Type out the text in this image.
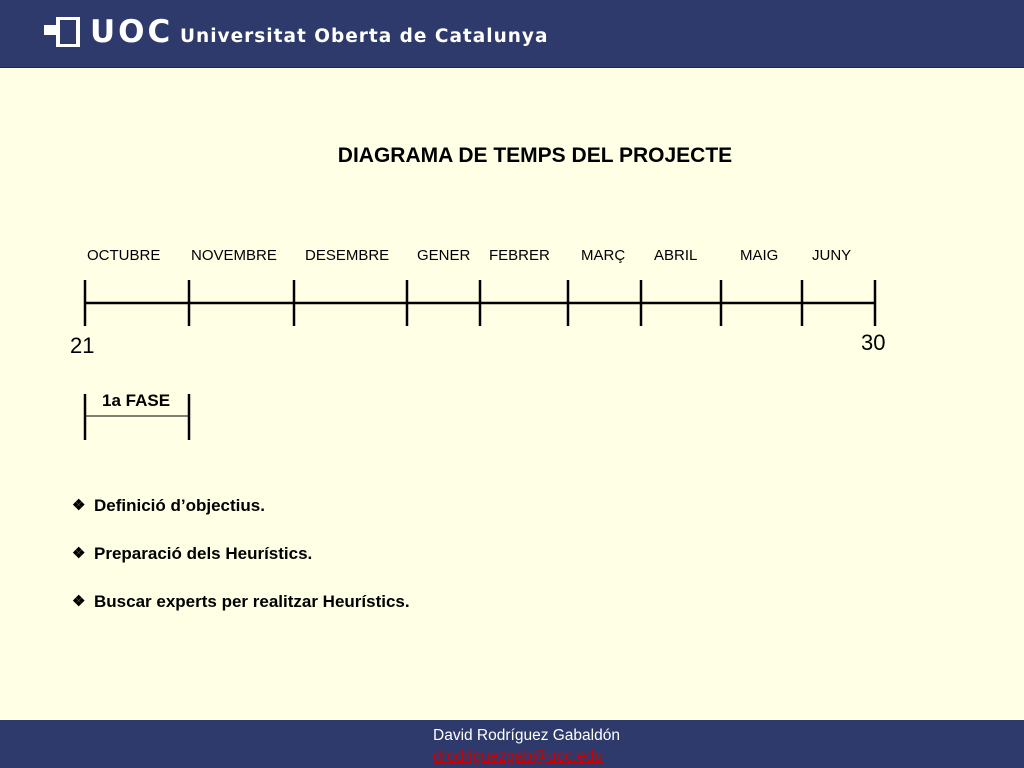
UOC Universitat Oberta de Catalunya
DIAGRAMA DE TEMPS DEL PROJECTE
OCTUBRE NOVEMBRE DESEMBRE GENER FEBRER MARÇ ABRIL	MAIG JUNY
21	30
1a FASE
❖ Definició d’objectius.
❖ Preparació dels Heurístics.
❖ Buscar experts per realitzar Heurístics.
David Rodríguez Gabaldón
drodriguezgab@uoc.edu
